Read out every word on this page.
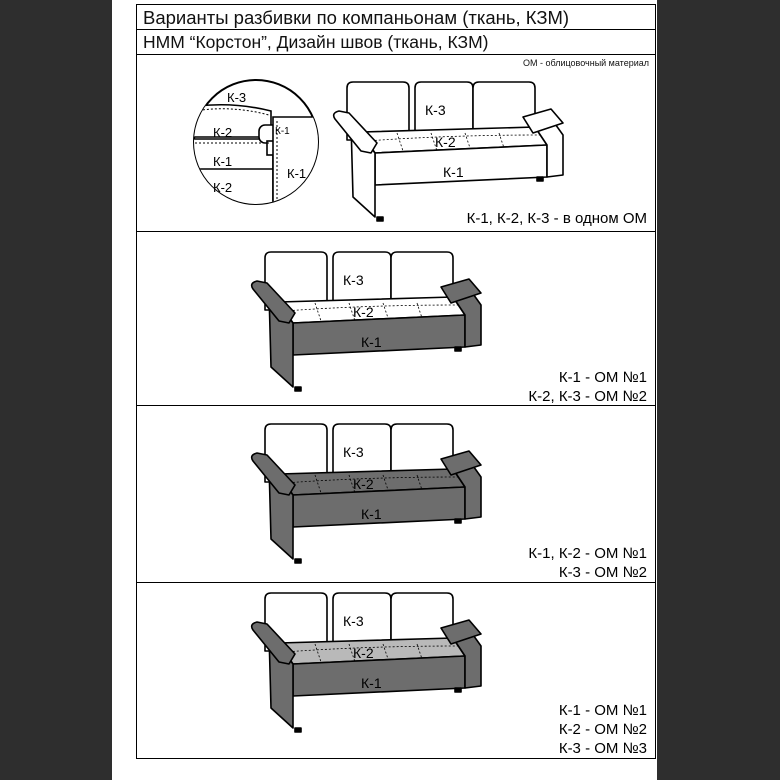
Варианты разбивки по компаньонам (ткань, КЗМ)
НММ “Корстон”, Дизайн швов (ткань, КЗМ)
ОМ - облицовочный материал
К-3
К-2
К-1
К-2
К-1
К-1
К-3
К-2
К-1
К-1, К-2, К-3 - в одном ОМ
К-3
К-2
К-1
К-1 - ОМ №1
К-2, К-3 - ОМ №2
К-3
К-2
К-1
К-1, К-2 - ОМ №1
К-3 - ОМ №2
К-3
К-2
К-1
К-1 - ОМ №1
К-2 - ОМ №2
К-3 - ОМ №3
